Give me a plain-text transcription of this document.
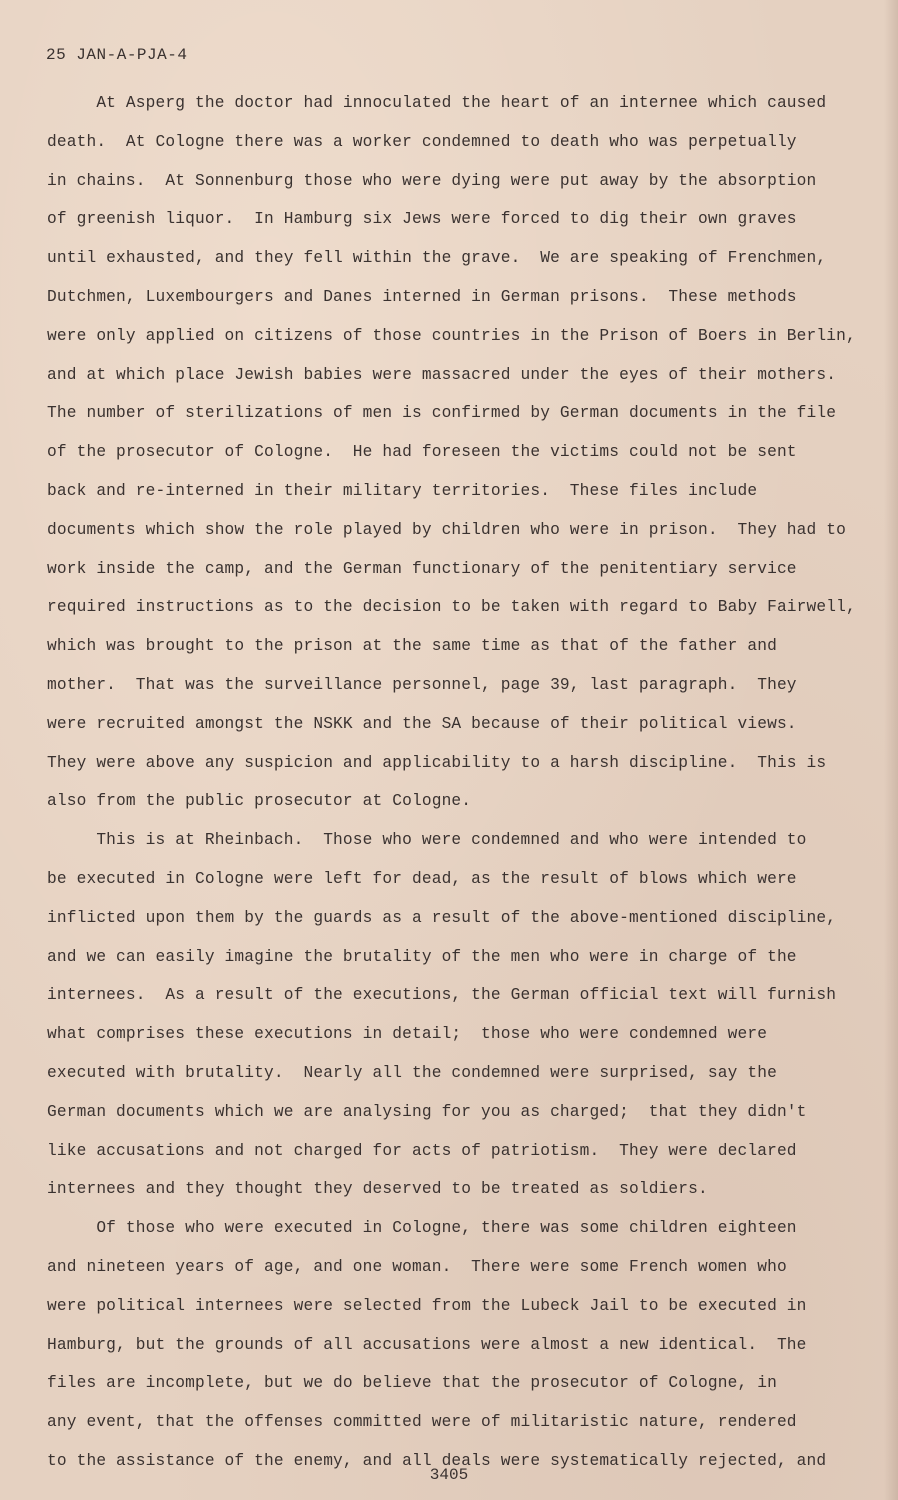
25 JAN-A-PJA-4
At Asperg the doctor had innoculated the heart of an internee which caused
death.  At Cologne there was a worker condemned to death who was perpetually
in chains.  At Sonnenburg those who were dying were put away by the absorption
of greenish liquor.  In Hamburg six Jews were forced to dig their own graves
until exhausted, and they fell within the grave.  We are speaking of Frenchmen,
Dutchmen, Luxembourgers and Danes interned in German prisons.  These methods
were only applied on citizens of those countries in the Prison of Boers in Berlin,
and at which place Jewish babies were massacred under the eyes of their mothers.
The number of sterilizations of men is confirmed by German documents in the file
of the prosecutor of Cologne.  He had foreseen the victims could not be sent
back and re-interned in their military territories.  These files include
documents which show the role played by children who were in prison.  They had to
work inside the camp, and the German functionary of the penitentiary service
required instructions as to the decision to be taken with regard to Baby Fairwell,
which was brought to the prison at the same time as that of the father and
mother.  That was the surveillance personnel, page 39, last paragraph.  They
were recruited amongst the NSKK and the SA because of their political views.
They were above any suspicion and applicability to a harsh discipline.  This is
also from the public prosecutor at Cologne.
This is at Rheinbach.  Those who were condemned and who were intended to
be executed in Cologne were left for dead, as the result of blows which were
inflicted upon them by the guards as a result of the above-mentioned discipline,
and we can easily imagine the brutality of the men who were in charge of the
internees.  As a result of the executions, the German official text will furnish
what comprises these executions in detail;  those who were condemned were
executed with brutality.  Nearly all the condemned were surprised, say the
German documents which we are analysing for you as charged;  that they didn't
like accusations and not charged for acts of patriotism.  They were declared
internees and they thought they deserved to be treated as soldiers.
Of those who were executed in Cologne, there was some children eighteen
and nineteen years of age, and one woman.  There were some French women who
were political internees were selected from the Lubeck Jail to be executed in
Hamburg, but the grounds of all accusations were almost a new identical.  The
files are incomplete, but we do believe that the prosecutor of Cologne, in
any event, that the offenses committed were of militaristic nature, rendered
to the assistance of the enemy, and all deals were systematically rejected, and
3405
